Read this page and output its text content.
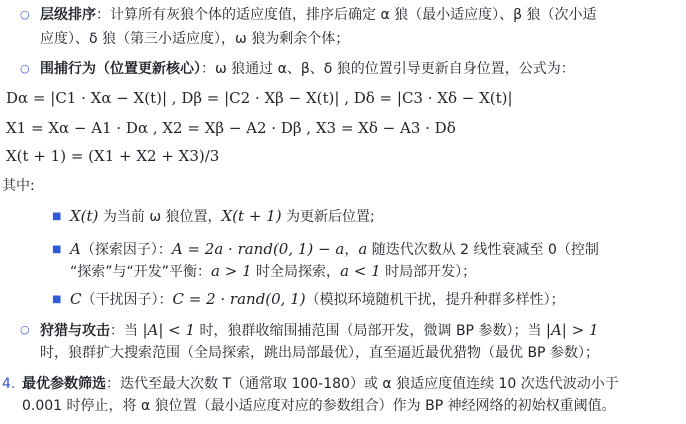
○ 层级排序：计算所有灰狼个体的适应度值，排序后确定 α 狼（最小适应度）、β 狼（次小适
应度）、δ 狼（第三小适应度），ω 狼为剩余个体；
○ 围捕行为（位置更新核心）：ω 狼通过 α、β、δ 狼的位置引导更新自身位置，公式为：
Dα = |C1 · Xα − X(t)| , Dβ = |C2 · Xβ − X(t)| , Dδ = |C3 · Xδ − X(t)|
X1 = Xα − A1 · Dα , X2 = Xβ − A2 · Dβ , X3 = Xδ − A3 · Dδ
X(t + 1) = (X1 + X2 + X3)/3
其中:
■ X(t) 为当前 ω 狼位置，X(t + 1) 为更新后位置;
■ A（探索因子）：A = 2a · rand(0, 1) − a，a 随迭代次数从 2 线性衰减至 0（控制
“探索”与“开发”平衡：a > 1 时全局探索，a < 1 时局部开发）；
■ C（干扰因子）：C = 2 · rand(0, 1)（模拟环境随机干扰，提升种群多样性）；
○ 狩猎与攻击：当 |A| < 1 时，狼群收缩围捕范围（局部开发，微调 BP 参数）；当 |A| > 1
时，狼群扩大搜索范围（全局探索，跳出局部最优），直至逼近最优猎物（最优 BP 参数）；
4. 最优参数筛选：迭代至最大次数 T（通常取 100-180）或 α 狼适应度值连续 10 次迭代波动小于
0.001 时停止，将 α 狼位置（最小适应度对应的参数组合）作为 BP 神经网络的初始权重阈值。
